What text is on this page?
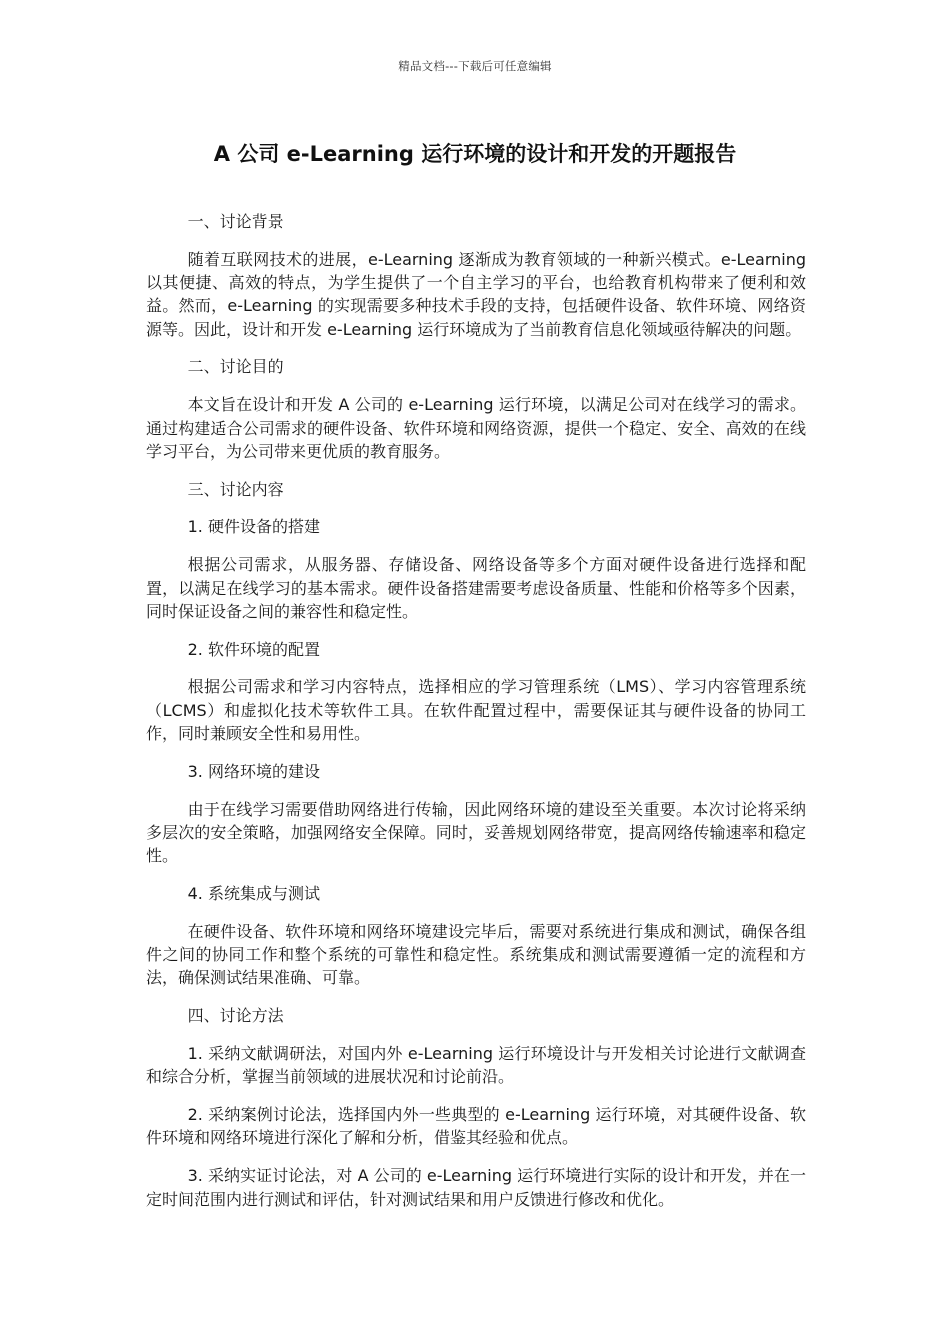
精品文档---下载后可任意编辑
A 公司 e-Learning 运行环境的设计和开发的开题报告

一、讨论背景

随着互联网技术的进展，e-Learning 逐渐成为教育领域的一种新兴模式。e-Learning 以其便捷、高效的特点，为学生提供了一个自主学习的平台，也给教育机构带来了便利和效益。然而，e-Learning 的实现需要多种技术手段的支持，包括硬件设备、软件环境、网络资源等。因此，设计和开发 e-Learning 运行环境成为了当前教育信息化领域亟待解决的问题。

二、讨论目的

本文旨在设计和开发 A 公司的 e-Learning 运行环境，以满足公司对在线学习的需求。通过构建适合公司需求的硬件设备、软件环境和网络资源，提供一个稳定、安全、高效的在线学习平台，为公司带来更优质的教育服务。

三、讨论内容

1. 硬件设备的搭建

根据公司需求，从服务器、存储设备、网络设备等多个方面对硬件设备进行选择和配置，以满足在线学习的基本需求。硬件设备搭建需要考虑设备质量、性能和价格等多个因素，同时保证设备之间的兼容性和稳定性。

2. 软件环境的配置

根据公司需求和学习内容特点，选择相应的学习管理系统（LMS）、学习内容管理系统（LCMS）和虚拟化技术等软件工具。在软件配置过程中，需要保证其与硬件设备的协同工作，同时兼顾安全性和易用性。

3. 网络环境的建设

由于在线学习需要借助网络进行传输，因此网络环境的建设至关重要。本次讨论将采纳多层次的安全策略，加强网络安全保障。同时，妥善规划网络带宽，提高网络传输速率和稳定性。

4. 系统集成与测试

在硬件设备、软件环境和网络环境建设完毕后，需要对系统进行集成和测试，确保各组件之间的协同工作和整个系统的可靠性和稳定性。系统集成和测试需要遵循一定的流程和方法，确保测试结果准确、可靠。

四、讨论方法

1. 采纳文献调研法，对国内外 e-Learning 运行环境设计与开发相关讨论进行文献调查和综合分析，掌握当前领域的进展状况和讨论前沿。

2. 采纳案例讨论法，选择国内外一些典型的 e-Learning 运行环境，对其硬件设备、软件环境和网络环境进行深化了解和分析，借鉴其经验和优点。

3. 采纳实证讨论法，对 A 公司的 e-Learning 运行环境进行实际的设计和开发，并在一定时间范围内进行测试和评估，针对测试结果和用户反馈进行修改和优化。
